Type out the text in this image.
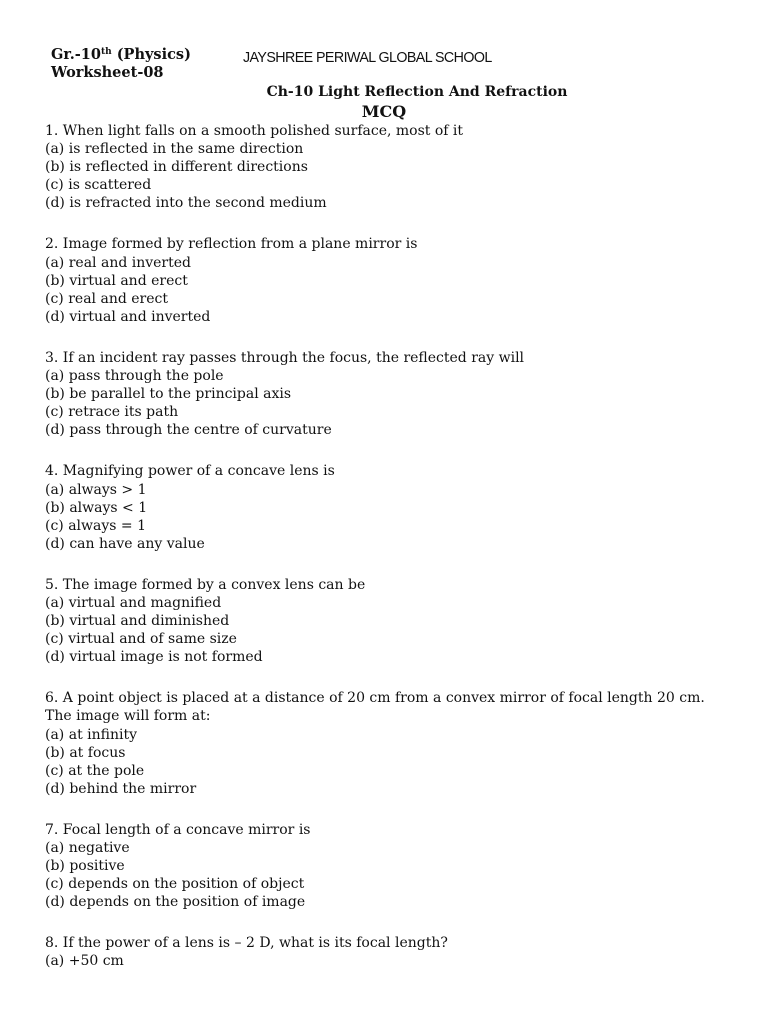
Gr.-10th (Physics)
Worksheet-08
JAYSHREE PERIWAL GLOBAL SCHOOL
Ch-10 Light Reflection And Refraction
MCQ
1. When light falls on a smooth polished surface, most of it
(a) is reflected in the same direction
(b) is reflected in different directions
(c) is scattered
(d) is refracted into the second medium
2. Image formed by reflection from a plane mirror is
(a) real and inverted
(b) virtual and erect
(c) real and erect
(d) virtual and inverted
3. If an incident ray passes through the focus, the reflected ray will
(a) pass through the pole
(b) be parallel to the principal axis
(c) retrace its path
(d) pass through the centre of curvature
4. Magnifying power of a concave lens is
(a) always > 1
(b) always < 1
(c) always = 1
(d) can have any value
5. The image formed by a convex lens can be
(a) virtual and magnified
(b) virtual and diminished
(c) virtual and of same size
(d) virtual image is not formed
6. A point object is placed at a distance of 20 cm from a convex mirror of focal length 20 cm. The image will form at:
(a) at infinity
(b) at focus
(c) at the pole
(d) behind the mirror
7. Focal length of a concave mirror is
(a) negative
(b) positive
(c) depends on the position of object
(d) depends on the position of image
8. If the power of a lens is – 2 D, what is its focal length?
(a) +50 cm
